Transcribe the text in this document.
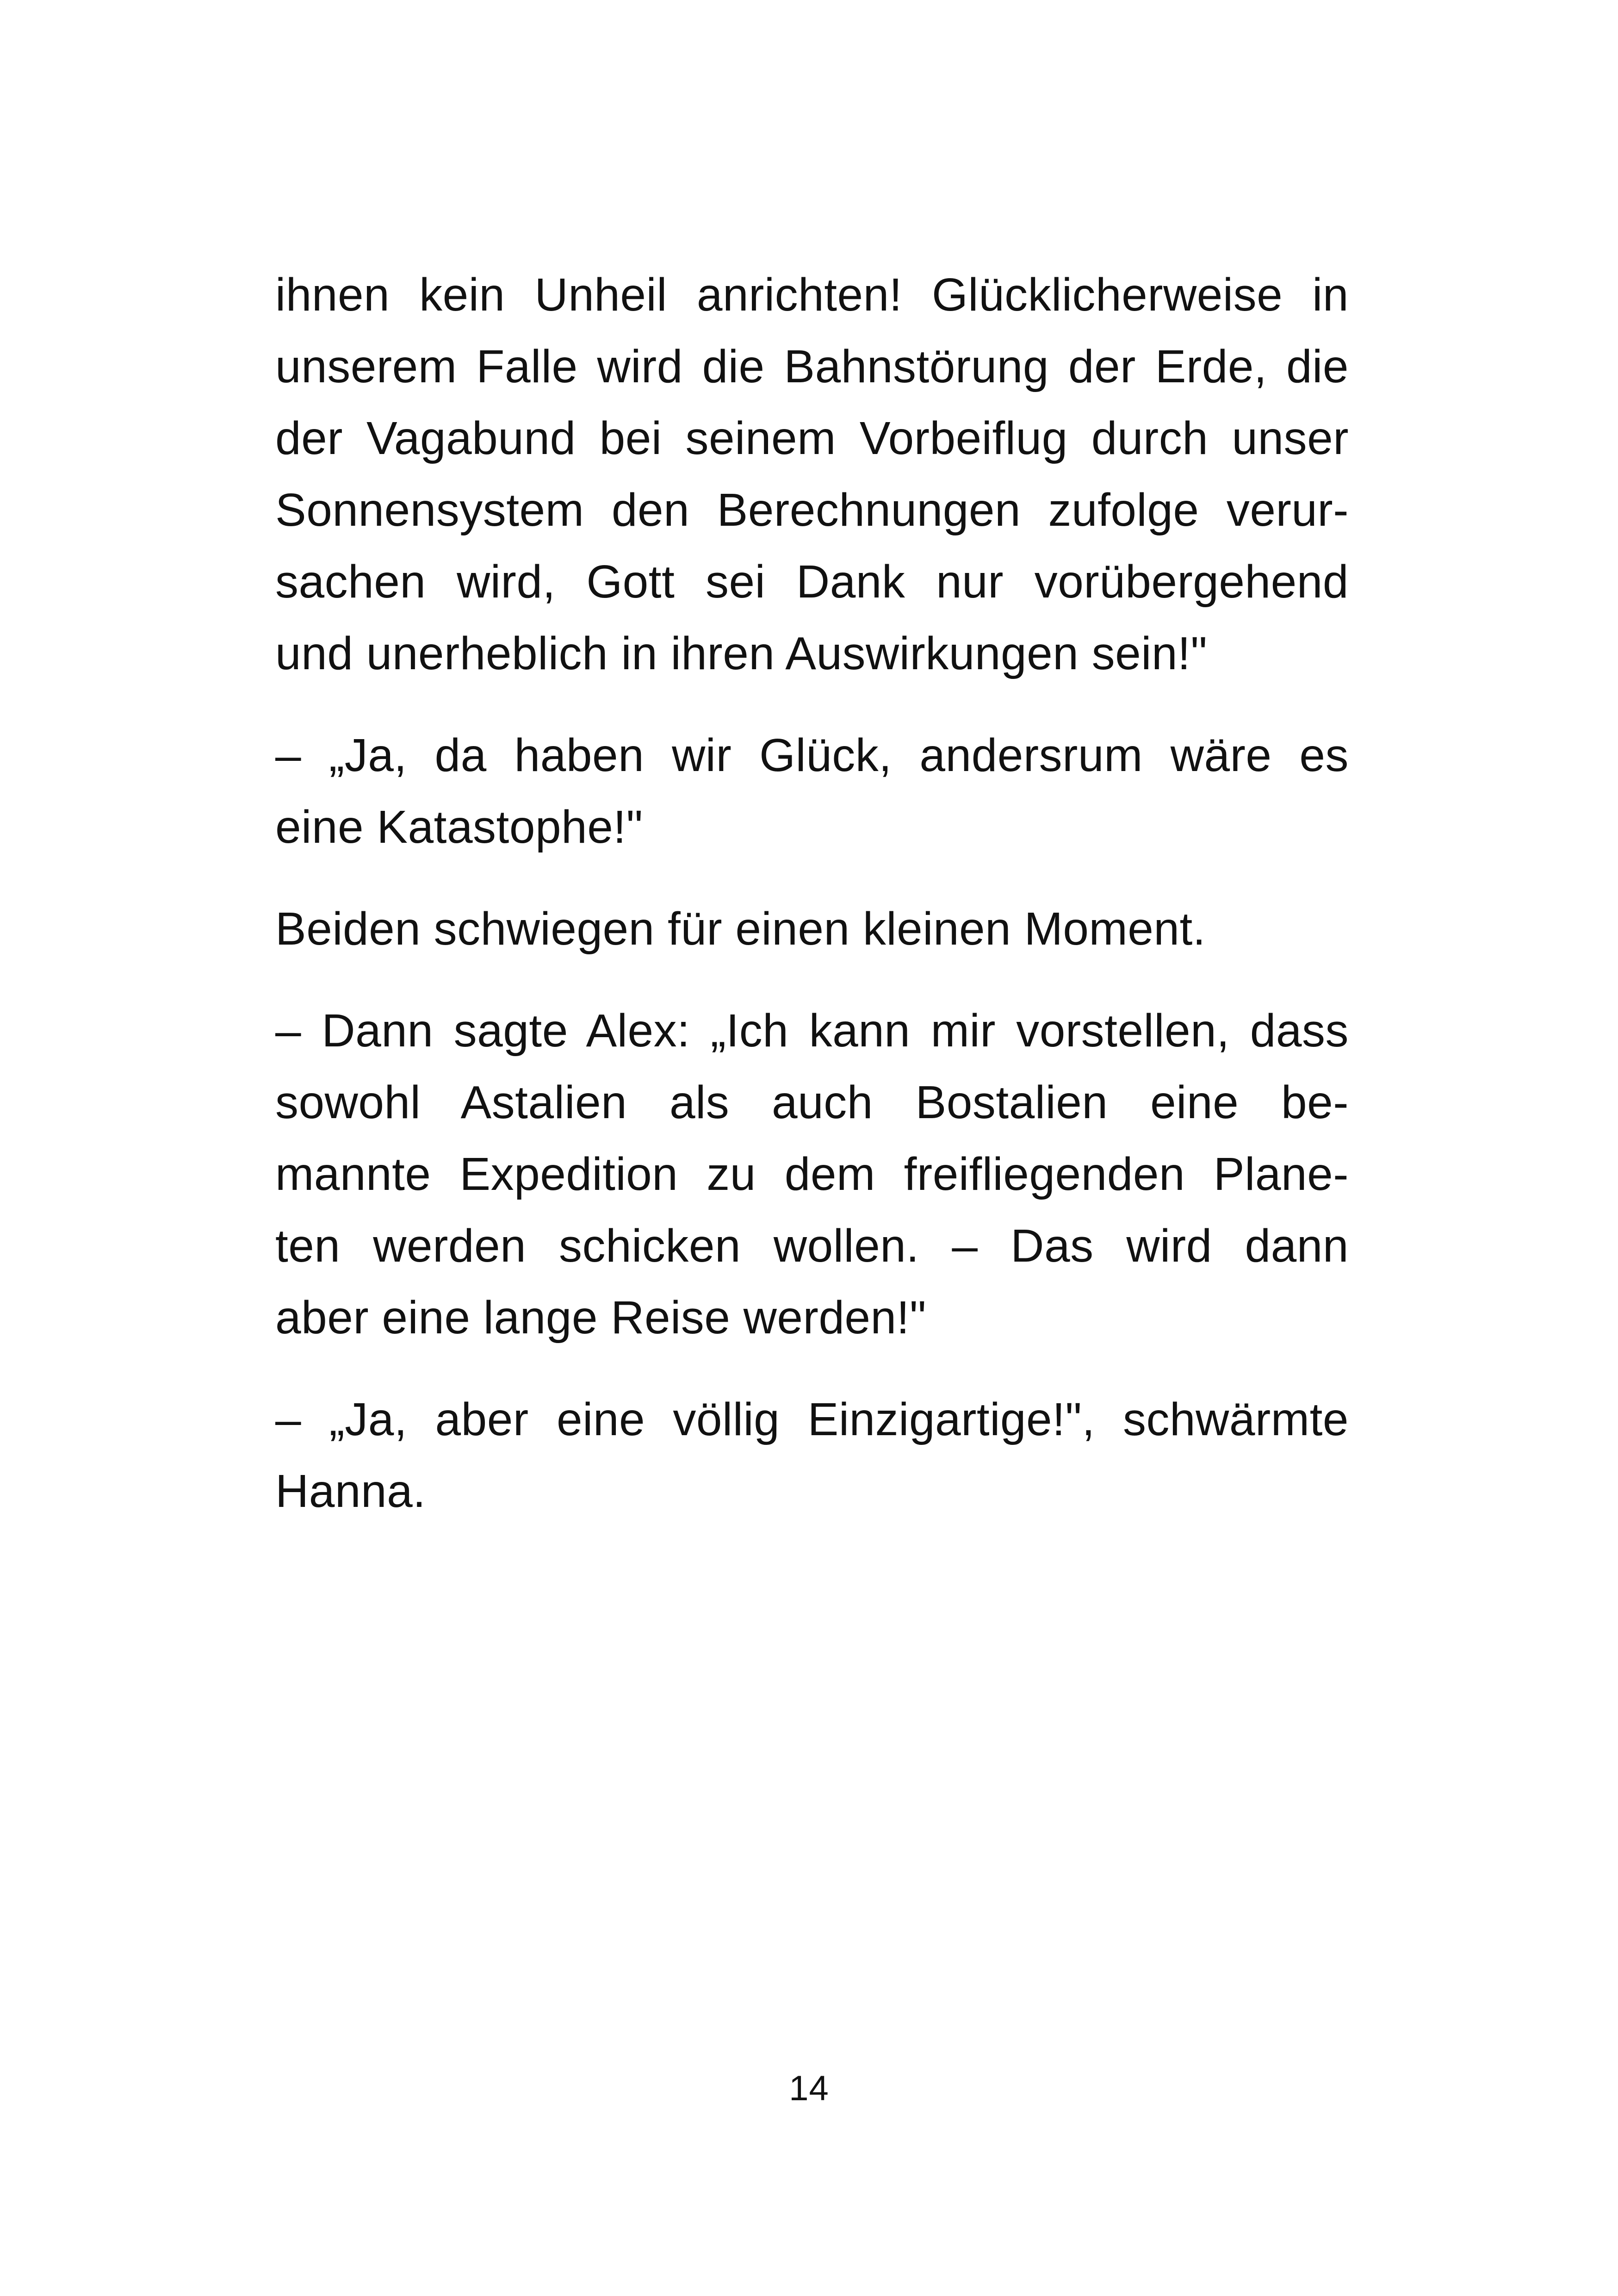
ihnen kein Unheil anrichten! Glücklicherweise in
unserem Falle wird die Bahnstörung der Erde, die
der Vagabund bei seinem Vorbeiflug durch unser
Sonnensystem den Berechnungen zufolge verur-
sachen wird, Gott sei Dank nur vorübergehend
und unerheblich in ihren Auswirkungen sein!"
– „Ja, da haben wir Glück, andersrum wäre es
eine Katastophe!"
Beiden schwiegen für einen kleinen Moment.
– Dann sagte Alex: „Ich kann mir vorstellen, dass
sowohl Astalien als auch Bostalien eine be-
mannte Expedition zu dem freifliegenden Plane-
ten werden schicken wollen. – Das wird dann
aber eine lange Reise werden!"
– „Ja, aber eine völlig Einzigartige!", schwärmte
Hanna.
14
